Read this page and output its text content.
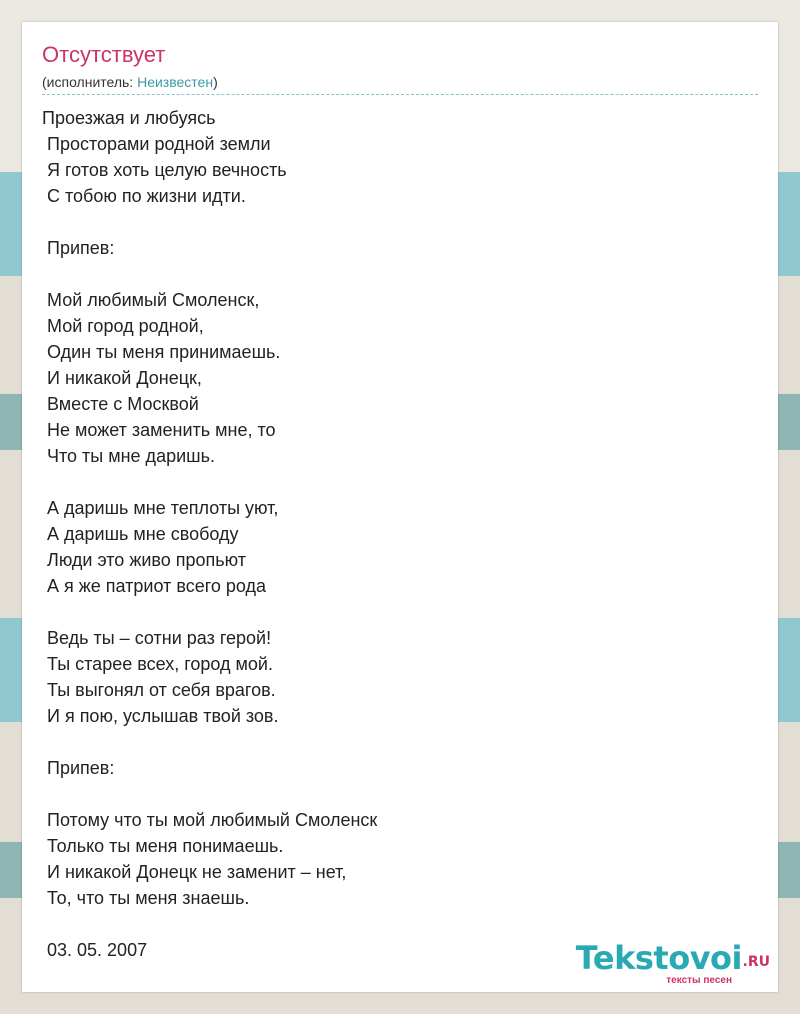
Отсутствует
(исполнитель: Неизвестен)
Проезжая и любуясь
Просторами родной земли
Я готов хоть целую вечность
С тобою по жизни идти.
Припев:
Мой любимый Смоленск,
Мой город родной,
Один ты меня принимаешь.
И никакой Донецк,
Вместе с Москвой
Не может заменить мне, то
Что ты мне даришь.
А даришь мне теплоты уют,
А даришь мне свободу
Люди это живо пропьют
А я же патриот всего рода
Ведь ты – сотни раз герой!
Ты старее всех, город мой.
Ты выгонял от себя врагов.
И я пою, услышав твой зов.
Припев:
Потому что ты мой любимый Смоленск
Только ты меня понимаешь.
И никакой Донецк не заменит – нет,
То, что ты меня знаешь.
03. 05. 2007	Tekstovoi .RU
тексты песен
